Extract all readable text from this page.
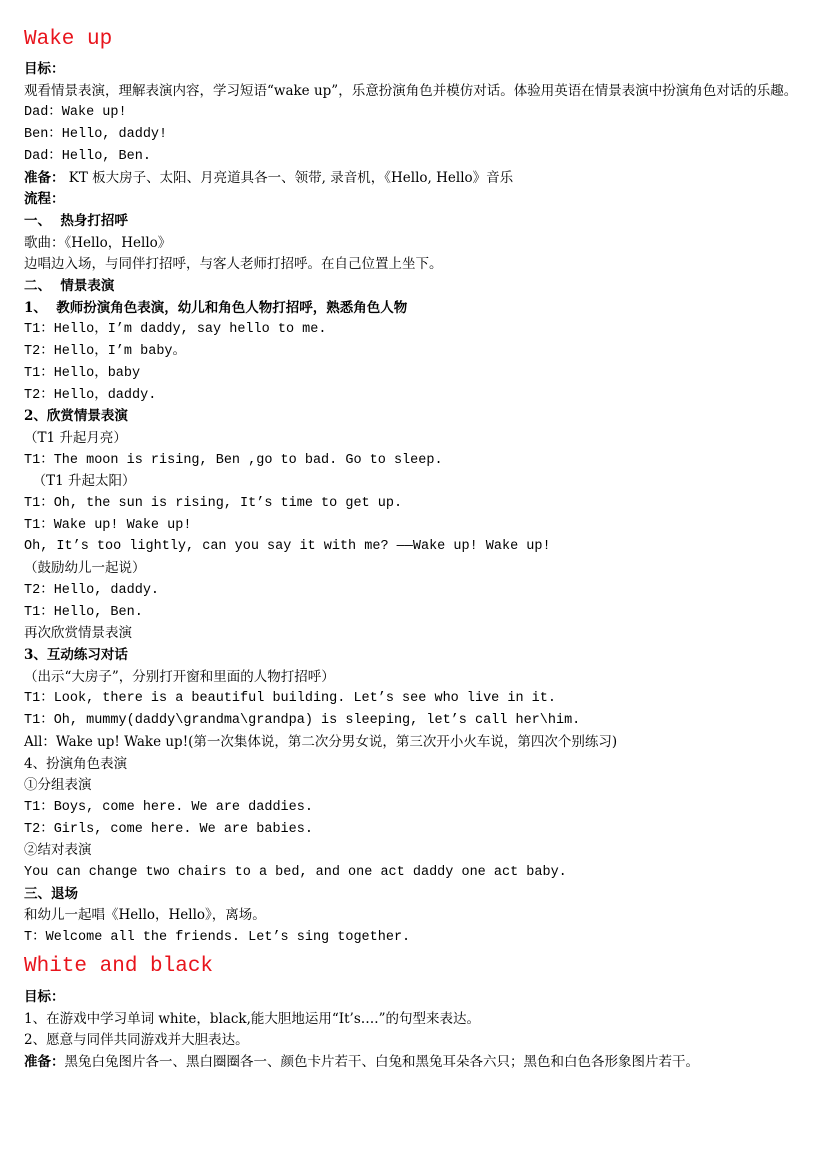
Wake up
目标：
观看情景表演，理解表演内容，学习短语“wake up”，乐意扮演角色并模仿对话。体验用英语在情景表演中扮演角色对话的乐趣。
Dad：Wake up!
Ben：Hello, daddy!
Dad：Hello, Ben.
准备： KT 板大房子、太阳、月亮道具各一、领带, 录音机，《Hello, Hello》音乐
流程：
一、  热身打招呼
歌曲：《Hello，Hello》
边唱边入场，与同伴打招呼，与客人老师打招呼。在自己位置上坐下。
二、  情景表演
1、  教师扮演角色表演，幼儿和角色人物打招呼，熟悉角色人物
T1：Hello，I’m daddy, say hello to me.
T2：Hello，I’m baby。
T1：Hello，baby
T2：Hello，daddy.
2、欣赏情景表演
（T1 升起月亮）
T1：The moon is rising, Ben ,go to bad. Go to sleep.
（T1 升起太阳）
T1：Oh, the sun is rising, It’s time to get up.
T1：Wake up! Wake up!
Oh, It’s too lightly, can you say it with me? ——Wake up! Wake up!
（鼓励幼儿一起说）
T2：Hello, daddy.
T1：Hello, Ben.
再次欣赏情景表演
3、互动练习对话
（出示“大房子”，分别打开窗和里面的人物打招呼）
T1：Look, there is a beautiful building. Let’s see who live in it.
T1：Oh, mummy(daddy\grandma\grandpa) is sleeping, let’s call her\him.
All：Wake up! Wake up!(第一次集体说，第二次分男女说，第三次开小火车说，第四次个别练习)
4、扮演角色表演
①分组表演
T1：Boys, come here. We are daddies.
T2：Girls, come here. We are babies.
②结对表演
You can change two chairs to a bed, and one act daddy one act baby.
三、退场
和幼儿一起唱《Hello，Hello》，离场。
T：Welcome all the friends. Let’s sing together.
White and black
目标：
1、在游戏中学习单词 white，black,能大胆地运用“It’s….”的句型来表达。
2、愿意与同伴共同游戏并大胆表达。
准备：黑兔白兔图片各一、黑白圈圈各一、颜色卡片若干、白兔和黑兔耳朵各六只；黑色和白色各形象图片若干。
